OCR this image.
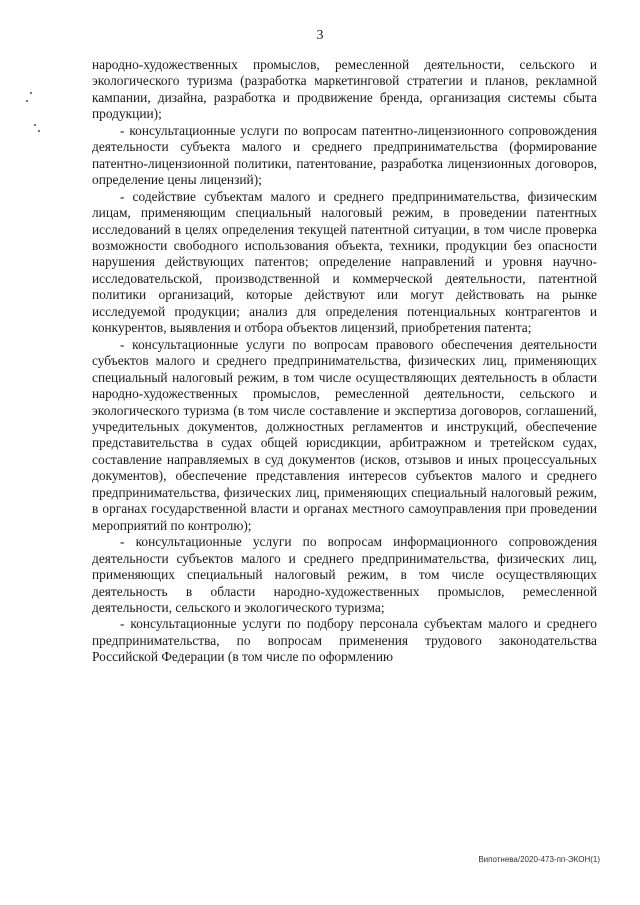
3

народно-художественных промыслов, ремесленной деятельности, сельского и экологического туризма (разработка маркетинговой стратегии и планов, рекламной кампании, дизайна, разработка и продвижение бренда, организация системы сбыта продукции);

- консультационные услуги по вопросам патентно-лицензионного сопровождения деятельности субъекта малого и среднего предпринимательства (формирование патентно-лицензионной политики, патентование, разработка лицензионных договоров, определение цены лицензий);

- содействие субъектам малого и среднего предпринимательства, физическим лицам, применяющим специальный налоговый режим, в проведении патентных исследований в целях определения текущей патентной ситуации, в том числе проверка возможности свободного использования объекта, техники, продукции без опасности нарушения действующих патентов; определение направлений и уровня научно-исследовательской, производственной и коммерческой деятельности, патентной политики организаций, которые действуют или могут действовать на рынке исследуемой продукции; анализ для определения потенциальных контрагентов и конкурентов, выявления и отбора объектов лицензий, приобретения патента;

- консультационные услуги по вопросам правового обеспечения деятельности субъектов малого и среднего предпринимательства, физических лиц, применяющих специальный налоговый режим, в том числе осуществляющих деятельность в области народно-художественных промыслов, ремесленной деятельности, сельского и экологического туризма (в том числе составление и экспертиза договоров, соглашений, учредительных документов, должностных регламентов и инструкций, обеспечение представительства в судах общей юрисдикции, арбитражном и третейском судах, составление направляемых в суд документов (исков, отзывов и иных процессуальных документов), обеспечение представления интересов субъектов малого и среднего предпринимательства, физических лиц, применяющих специальный налоговый режим, в органах государственной власти и органах местного самоуправления при проведении мероприятий по контролю);

- консультационные услуги по вопросам информационного сопровождения деятельности субъектов малого и среднего предпринимательства, физических лиц, применяющих специальный налоговый режим, в том числе осуществляющих деятельность в области народно-художественных промыслов, ремесленной деятельности, сельского и экологического туризма;

- консультационные услуги по подбору персонала субъектам малого и среднего предпринимательства, по вопросам применения трудового законодательства Российской Федерации (в том числе по оформлению

Випотнева/2020-473-пп-ЭКОН(1)
